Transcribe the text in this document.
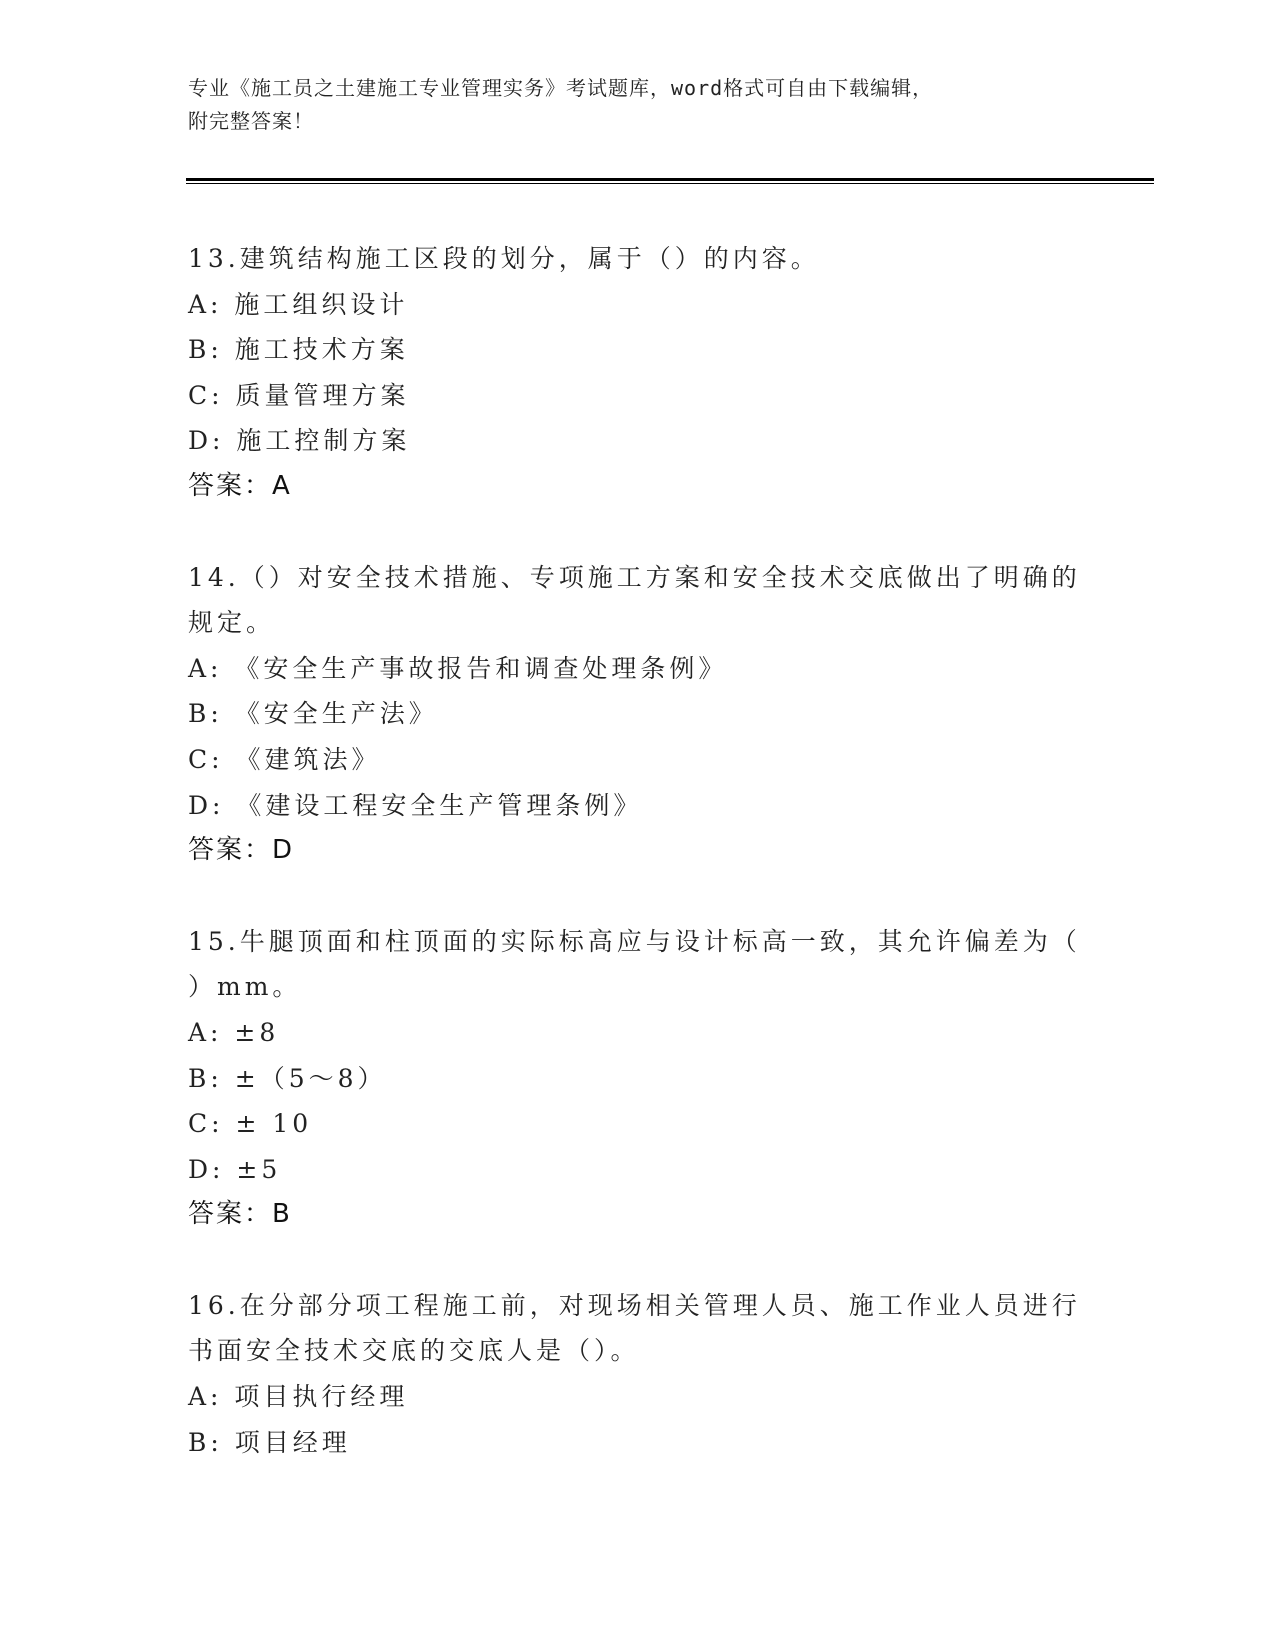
专业《施工员之土建施工专业管理实务》考试题库，word格式可自由下载编辑，
附完整答案！
13.建筑结构施工区段的划分，属于（）的内容。
A: 施工组织设计
B: 施工技术方案
C: 质量管理方案
D: 施工控制方案
答案：A
14.（）对安全技术措施、专项施工方案和安全技术交底做出了明确的
规定。
A: 《安全生产事故报告和调查处理条例》
B: 《安全生产法》
C: 《建筑法》
D: 《建设工程安全生产管理条例》
答案：D
15.牛腿顶面和柱顶面的实际标高应与设计标高一致，其允许偏差为（
）mm。
A: ±8
B: ±（5～8）
C: ± 10
D: ±5
答案：B
16.在分部分项工程施工前，对现场相关管理人员、施工作业人员进行
书面安全技术交底的交底人是（）。
A: 项目执行经理
B: 项目经理
